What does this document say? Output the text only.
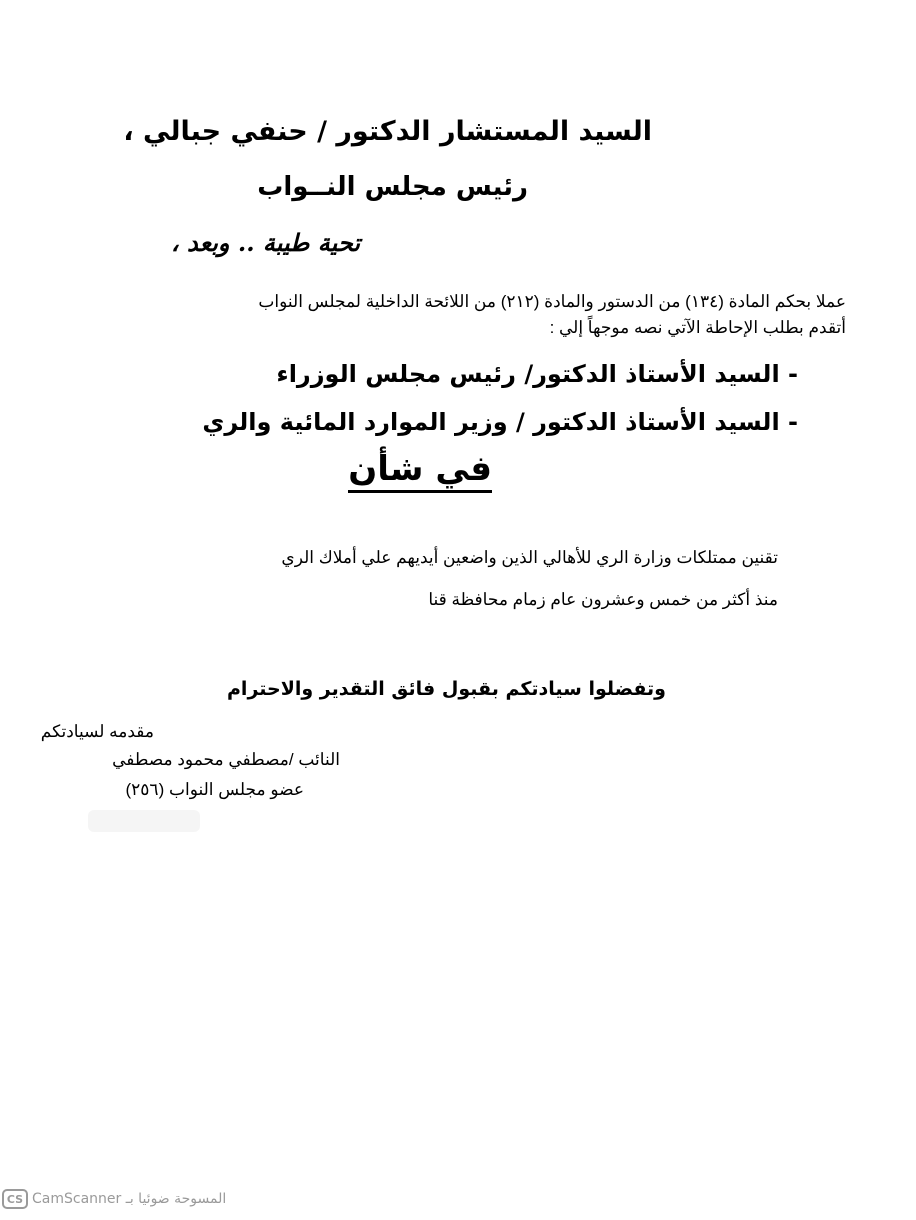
السيد المستشار الدكتور / حنفي جبالي ،
رئيس مجلس النــواب
تحية طيبة .. وبعد ،
عملا بحكم المادة (١٣٤) من الدستور والمادة (٢١٢) من اللائحة الداخلية لمجلس النواب
أتقدم بطلب الإحاطة الآتي نصه موجهاً إلي :
- السيد الأستاذ الدكتور/ رئيس مجلس الوزراء
- السيد الأستاذ الدكتور / وزير الموارد المائية والري
في شأن
تقنين ممتلكات وزارة الري للأهالي الذين واضعين أيديهم علي أملاك الري
منذ أكثر من خمس وعشرون عام زمام محافظة قنا
وتفضلوا سيادتكم بقبول فائق التقدير والاحترام
مقدمه لسيادتكم
النائب /مصطفي محمود مصطفي
عضو مجلس النواب (٢٥٦)
CS CamScanner المسوحة ضوئيا بـ
